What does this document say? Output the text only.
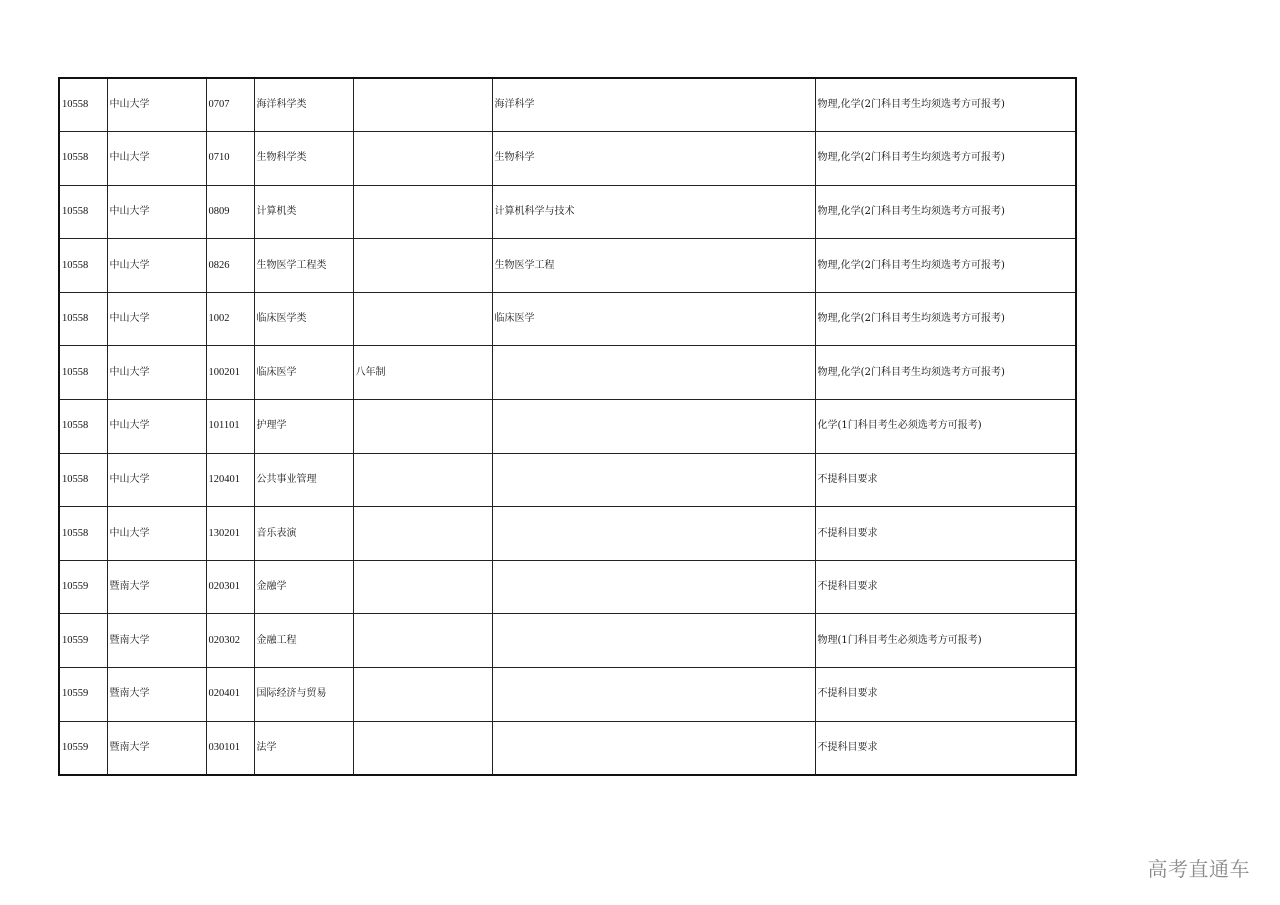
10558	中山大学	0707	海洋科学类		海洋科学	物理,化学(2门科目考生均须选考方可报考)
10558	中山大学	0710	生物科学类		生物科学	物理,化学(2门科目考生均须选考方可报考)
10558	中山大学	0809	计算机类		计算机科学与技术	物理,化学(2门科目考生均须选考方可报考)
10558	中山大学	0826	生物医学工程类		生物医学工程	物理,化学(2门科目考生均须选考方可报考)
10558	中山大学	1002	临床医学类		临床医学	物理,化学(2门科目考生均须选考方可报考)
10558	中山大学	100201	临床医学	八年制		物理,化学(2门科目考生均须选考方可报考)
10558	中山大学	101101	护理学			化学(1门科目考生必须选考方可报考)
10558	中山大学	120401	公共事业管理			不提科目要求
10558	中山大学	130201	音乐表演			不提科目要求
10559	暨南大学	020301	金融学			不提科目要求
10559	暨南大学	020302	金融工程			物理(1门科目考生必须选考方可报考)
10559	暨南大学	020401	国际经济与贸易			不提科目要求
10559	暨南大学	030101	法学			不提科目要求
高考直通车
